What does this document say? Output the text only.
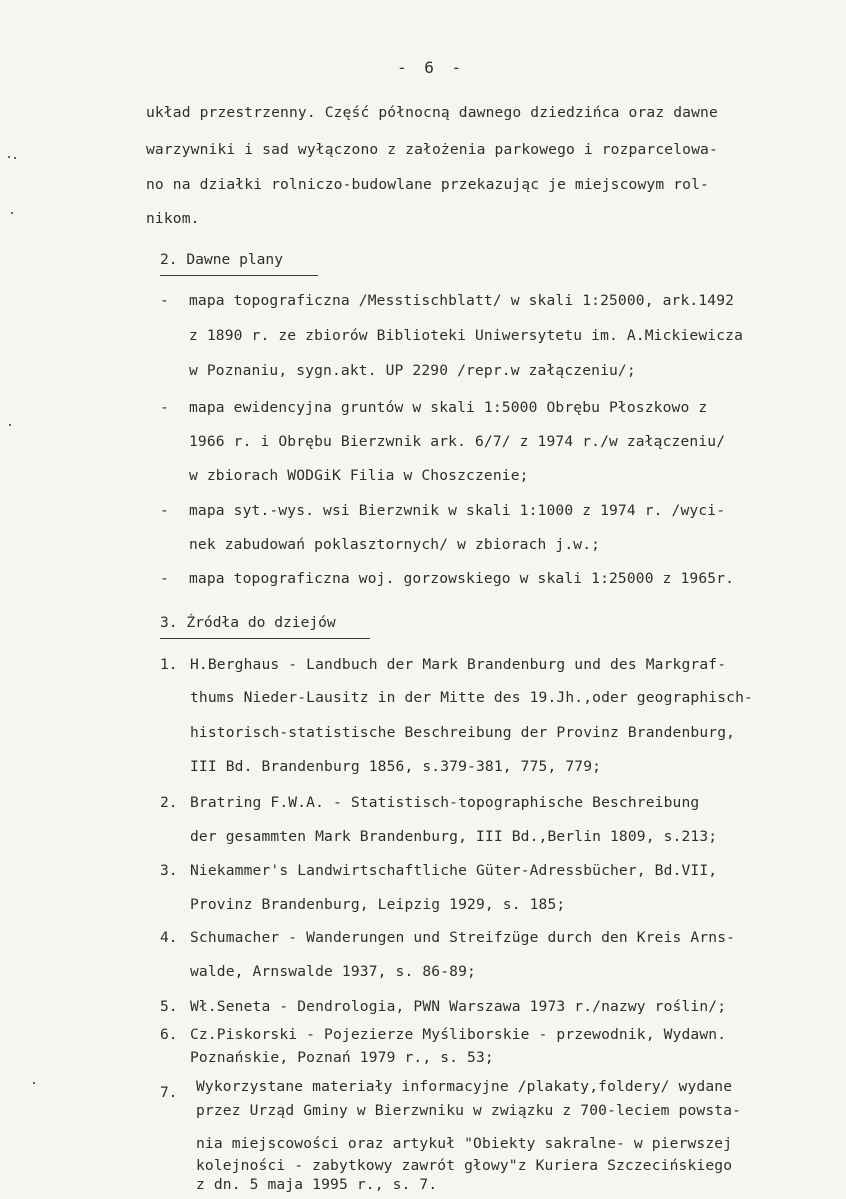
- 6 -
układ przestrzenny. Część północną dawnego dziedzińca oraz dawne
warzywniki i sad wyłączono z założenia parkowego i rozparcelowa-
no na działki rolniczo-budowlane przekazując je miejscowym rol-
nikom.
2. Dawne plany
- mapa topograficzna /Messtischblatt/ w skali 1:25000, ark.1492
z 1890 r. ze zbiorów Biblioteki Uniwersytetu im. A.Mickiewicza
w Poznaniu, sygn.akt. UP 2290 /repr.w załączeniu/;
- mapa ewidencyjna gruntów w skali 1:5000 Obrębu Płoszkowo z
1966 r. i Obrębu Bierzwnik ark. 6/7/ z 1974 r./w załączeniu/
w zbiorach WODGiK Filia w Choszczenie;
- mapa syt.-wys. wsi Bierzwnik w skali 1:1000 z 1974 r. /wyci-
nek zabudowań poklasztornych/ w zbiorach j.w.;
- mapa topograficzna woj. gorzowskiego w skali 1:25000 z 1965r.
3. Źródła do dziejów
1. H.Berghaus - Landbuch der Mark Brandenburg und des Markgraf-
thums Nieder-Lausitz in der Mitte des 19.Jh.,oder geographisch-
historisch-statistische Beschreibung der Provinz Brandenburg,
III Bd. Brandenburg 1856, s.379-381, 775, 779;
2. Bratring F.W.A. - Statistisch-topographische Beschreibung
der gesammten Mark Brandenburg, III Bd.,Berlin 1809, s.213;
3. Niekammer's Landwirtschaftliche Güter-Adressbücher, Bd.VII,
Provinz Brandenburg, Leipzig 1929, s. 185;
4. Schumacher - Wanderungen und Streifzüge durch den Kreis Arns-
walde, Arnswalde 1937, s. 86-89;
5. Wł.Seneta - Dendrologia, PWN Warszawa 1973 r./nazwy roślin/;
6. Cz.Piskorski - Pojezierze Myśliborskie - przewodnik, Wydawn.
Poznańskie, Poznań 1979 r., s. 53;
7. Wykorzystane materiały informacyjne /plakaty,foldery/ wydane
przez Urząd Gminy w Bierzwniku w związku z 700-leciem powsta-
nia miejscowości oraz artykuł "Obiekty sakralne- w pierwszej
kolejności - zabytkowy zawrót głowy"z Kuriera Szczecińskiego
z dn. 5 maja 1995 r., s. 7.
